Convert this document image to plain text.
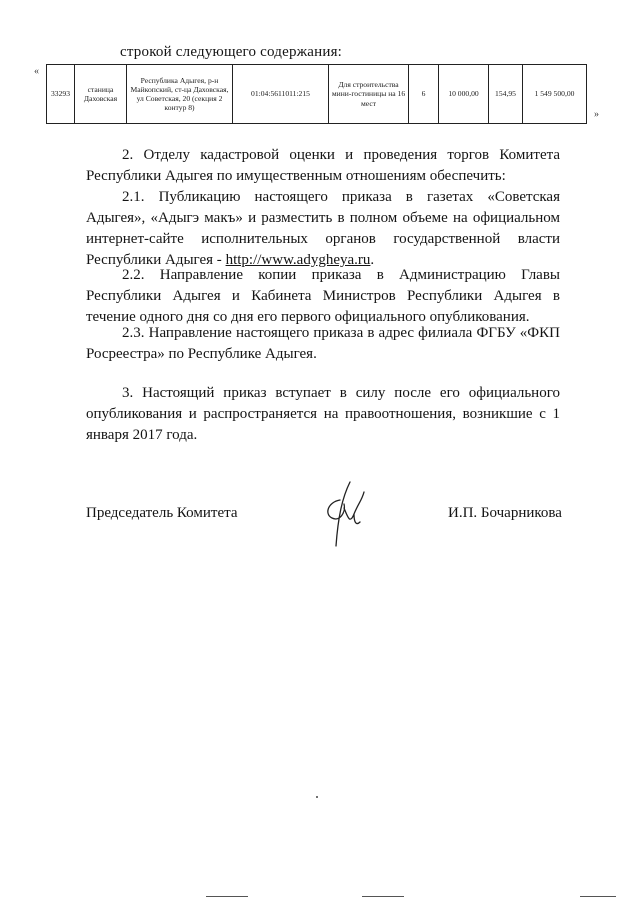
строкой следующего содержания:
«
»
33293	станица Даховская	Республика Адыгея, р-н Майкопский, ст-ца Даховская, ул Советская, 20 (секция 2 контур 8)	01:04:5611011:215	Для строительства мини-гостиницы на 16 мест	6	10 000,00	154,95	1 549 500,00
2. Отделу кадастровой оценки и проведения торгов Комитета Республики Адыгея по имущественным отношениям обеспечить:
2.1. Публикацию настоящего приказа в газетах «Советская Адыгея», «Адыгэ макъ» и разместить в полном объеме на официальном интернет-сайте исполнительных органов государственной власти Республики Адыгея - http://www.adygheya.ru.
2.2. Направление копии приказа в Администрацию Главы Республики Адыгея и Кабинета Министров Республики Адыгея в течение одного дня со дня его первого официального опубликования.
2.3. Направление настоящего приказа в адрес филиала ФГБУ «ФКП Росреестра» по Республике Адыгея.
3. Настоящий приказ вступает в силу после его официального опубликования и распространяется на правоотношения, возникшие с 1 января 2017 года.
Председатель Комитета	И.П. Бочарникова
